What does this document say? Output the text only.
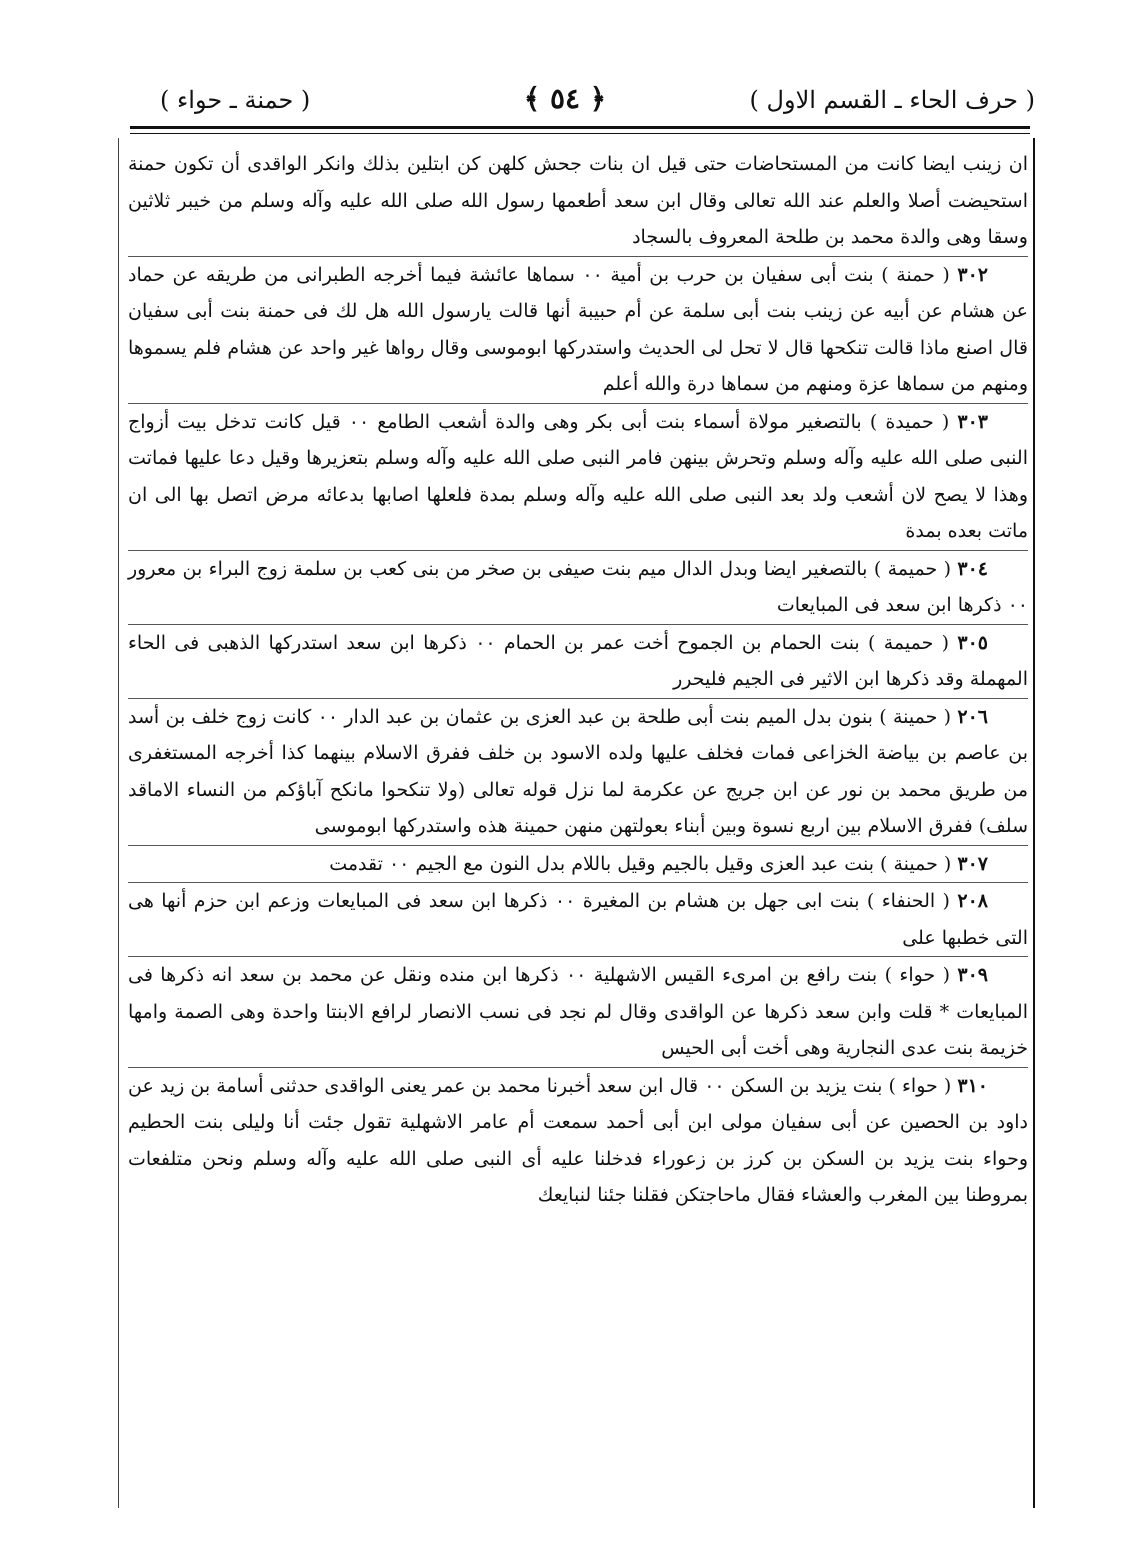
( حرف الحاء ـ القسم الاول )
﴿ ٥٤ ﴾
( حمنة ـ حواء )

ان زينب ايضا كانت من المستحاضات حتى قيل ان بنات جحش كلهن كن ابتلين بذلك وانكر الواقدى أن تكون حمنة استحيضت أصلا والعلم عند الله تعالى وقال ابن سعد أطعمها رسول الله صلى الله عليه وآله وسلم من خيبر ثلاثين وسقا وهى والدة محمد بن طلحة المعروف بالسجاد

٣٠٢ ( حمنة ) بنت أبى سفيان بن حرب بن أمية ٠٠ سماها عائشة فيما أخرجه الطبرانى من طريقه عن حماد عن هشام عن أبيه عن زينب بنت أبى سلمة عن أم حبيبة أنها قالت يارسول الله هل لك فى حمنة بنت أبى سفيان قال اصنع ماذا قالت تنكحها قال لا تحل لى الحديث واستدركها ابوموسى وقال رواها غير واحد عن هشام فلم يسموها ومنهم من سماها عزة ومنهم من سماها درة والله أعلم

٣٠٣ ( حميدة ) بالتصغير مولاة أسماء بنت أبى بكر وهى والدة أشعب الطامع ٠٠ قيل كانت تدخل بيت أزواج النبى صلى الله عليه وآله وسلم وتحرش بينهن فامر النبى صلى الله عليه وآله وسلم بتعزيرها وقيل دعا عليها فماتت وهذا لا يصح لان أشعب ولد بعد النبى صلى الله عليه وآله وسلم بمدة فلعلها اصابها بدعائه مرض اتصل بها الى ان ماتت بعده بمدة

٣٠٤ ( حميمة ) بالتصغير ايضا وبدل الدال ميم بنت صيفى بن صخر من بنى كعب بن سلمة زوج البراء بن معرور ٠٠ ذكرها ابن سعد فى المبايعات

٣٠٥ ( حميمة ) بنت الحمام بن الجموح أخت عمر بن الحمام ٠٠ ذكرها ابن سعد استدركها الذهبى فى الحاء المهملة وقد ذكرها ابن الاثير فى الجيم فليحرر

٢٠٦ ( حمينة ) بنون بدل الميم بنت أبى طلحة بن عبد العزى بن عثمان بن عبد الدار ٠٠ كانت زوج خلف بن أسد بن عاصم بن بياضة الخزاعى فمات فخلف عليها ولده الاسود بن خلف ففرق الاسلام بينهما كذا أخرجه المستغفرى من طريق محمد بن نور عن ابن جريج عن عكرمة لما نزل قوله تعالى (ولا تنكحوا مانكح آباؤكم من النساء الاماقد سلف) ففرق الاسلام بين اربع نسوة وبين أبناء بعولتهن منهن حمينة هذه واستدركها ابوموسى

٣٠٧ ( حمينة ) بنت عبد العزى وقيل بالجيم وقيل باللام بدل النون مع الجيم ٠٠ تقدمت

٢٠٨ ( الحنفاء ) بنت ابى جهل بن هشام بن المغيرة ٠٠ ذكرها ابن سعد فى المبايعات وزعم ابن حزم أنها هى التى خطبها على

٣٠٩ ( حواء ) بنت رافع بن امرىء القيس الاشهلية ٠٠ ذكرها ابن منده ونقل عن محمد بن سعد انه ذكرها فى المبايعات * قلت وابن سعد ذكرها عن الواقدى وقال لم نجد فى نسب الانصار لرافع الابنتا واحدة وهى الصمة وامها خزيمة بنت عدى النجارية وهى أخت أبى الحيس

٣١٠ ( حواء ) بنت يزيد بن السكن ٠٠ قال ابن سعد أخبرنا محمد بن عمر يعنى الواقدى حدثنى أسامة بن زيد عن داود بن الحصين عن أبى سفيان مولى ابن أبى أحمد سمعت أم عامر الاشهلية تقول جئت أنا وليلى بنت الحطيم وحواء بنت يزيد بن السكن بن كرز بن زعوراء فدخلنا عليه أى النبى صلى الله عليه وآله وسلم ونحن متلفعات بمروطنا بين المغرب والعشاء فقال ماحاجتكن فقلنا جئنا لنبايعك
